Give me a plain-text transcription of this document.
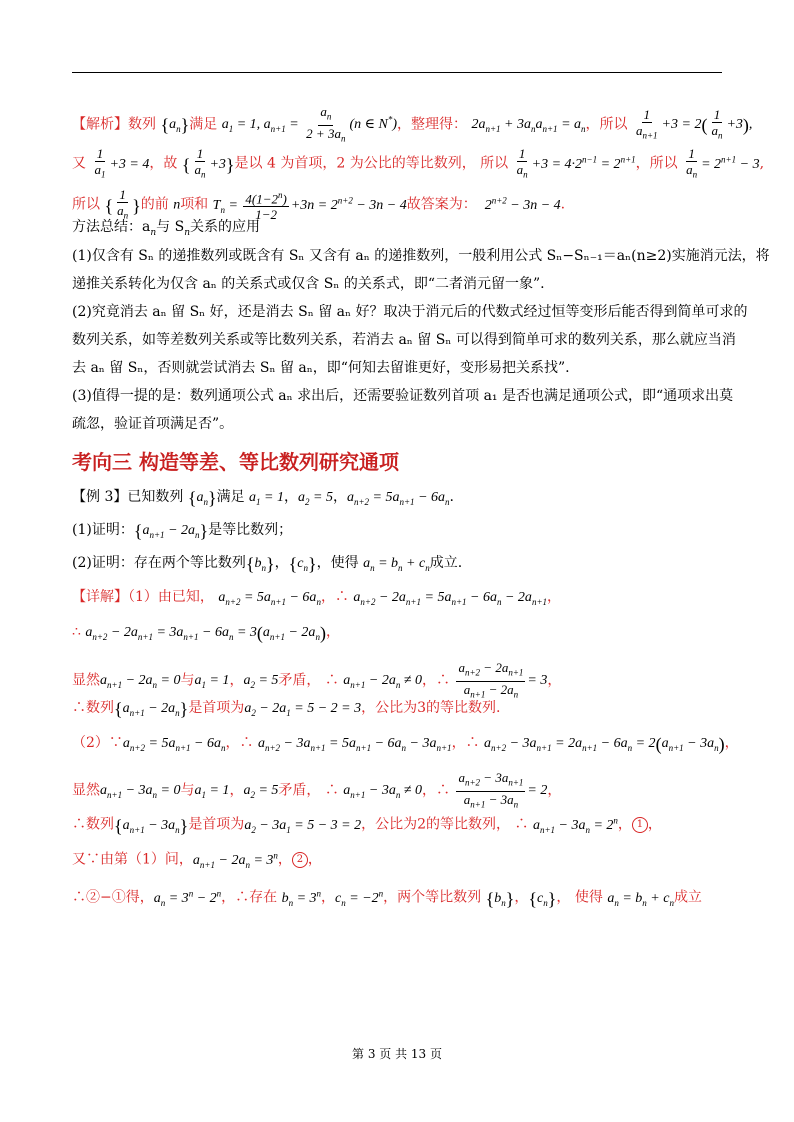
【解析】数列 $\{a_n\}$满足 $a_1 = 1$, $a_{n+1} = \frac{a_n}{2 + 3a_n} (n$ ∈ N*)，整理得： $2a_{n+1} + 3a_na_{n+1} = a_n$，所以 $\frac{1}{a_{n+1}} +3 = 2( \frac{1}{a_n} +3)$,
又 $\frac{1}{a_1} +3 = 4$，故 { $\frac{1}{a_n} +3$}是以 4 为首项，2 为公比的等比数列， 所以 $\frac{1}{a_n} +3 = 4\cdot 2^{n-1} = 2^{n+1}$，所以 $\frac{1}{a_n} = 2^{n+1} - 3$,
所以 { $\frac{1}{a_n}$ }的前 n项和 $T_n = \frac{4(1-2^n)}{1-2} +3n = 2^{n+2} - 3n - 4$故答案为：  $2^{n+2} - 3n - 4$.
方法总结：$a_n$与 $S_n$关系的应用
(1)仅含有 Sₙ 的递推数列或既含有 Sₙ 又含有 aₙ 的递推数列，一般利用公式 Sₙ−Sₙ₋₁＝aₙ(n≥2)实施消元法，将
递推关系转化为仅含 aₙ 的关系式或仅含 Sₙ 的关系式，即“二者消元留一象”.
(2)究竟消去 aₙ 留 Sₙ 好，还是消去 Sₙ 留 aₙ 好？取决于消元后的代数式经过恒等变形后能否得到简单可求的
数列关系，如等差数列关系或等比数列关系，若消去 aₙ 留 Sₙ 可以得到简单可求的数列关系，那么就应当消
去 aₙ 留 Sₙ，否则就尝试消去 Sₙ 留 aₙ，即“何知去留谁更好，变形易把关系找”.
(3)值得一提的是：数列通项公式 aₙ 求出后，还需要验证数列首项 a₁ 是否也满足通项公式，即“通项求出莫
疏忽，验证首项满足否”。
考向三 构造等差、等比数列研究通项
【例 3】已知数列 $\{a_n\}$满足 $a_1 = 1$，$a_2 = 5$，$a_{n+2} = 5a_{n+1} - 6a_n$.
(1)证明：$\{a_{n+1} - 2a_n\}$是等比数列；
(2)证明：存在两个等比数列$\{b_n\}$，$\{c_n\}$，使得 $a_n = b_n + c_n$成立.
【详解】（1）由已知， $a_{n+2} = 5a_{n+1} - 6a_n$，∴ $a_{n+2} - 2a_{n+1} = 5a_{n+1} - 6a_n - 2a_{n+1}$，
∴ $a_{n+2} - 2a_{n+1} = 3a_{n+1} - 6a_n = 3(a_{n+1} - 2a_n)$，
显然$a_{n+1} - 2a_n = 0$与$a_1 = 1$，$a_2 = 5$矛盾， ∴ $a_{n+1} - 2a_n \ne 0$，∴ $\frac{a_{n+2} - 2a_{n+1}}{a_{n+1} - 2a_n} = 3$，
∴数列$\{a_{n+1} - 2a_n\}$是首项为$a_2 - 2a_1 = 5 - 2 = 3$，公比为3的等比数列.
$(2)\because a_{n+2} = 5a_{n+1} - 6a_n$，∴ $a_{n+2} - 3a_{n+1} = 5a_{n+1} - 6a_n - 3a_{n+1}$，∴ $a_{n+2} - 3a_{n+1} = 2a_{n+1} - 6a_n = 2(a_{n+1} - 3a_n)$，
显然$a_{n+1} - 3a_n = 0$与$a_1 = 1$，$a_2 = 5$矛盾， ∴ $a_{n+1} - 3a_n \ne 0$，∴ $\frac{a_{n+2} - 3a_{n+1}}{a_{n+1} - 3a_n} = 2$，
∴数列$\{a_{n+1} - 3a_n\}$是首项为$a_2 - 3a_1 = 5 - 3 = 2$，公比为2的等比数列， ∴ $a_{n+1} - 3a_n = 2^n$， 1 ，
又∵由第（1）问，$a_{n+1} - 2a_n = 3^n$， 2 ，
∴②−①得，$a_n = 3^n - 2^n$，∴存在 $b_n = 3^n$，$c_n = -2^n$，两个等比数列 $\{b_n\}$，$\{c_n\}$， 使得 $a_n = b_n + c_n$成立
第 3 页 共 13 页
